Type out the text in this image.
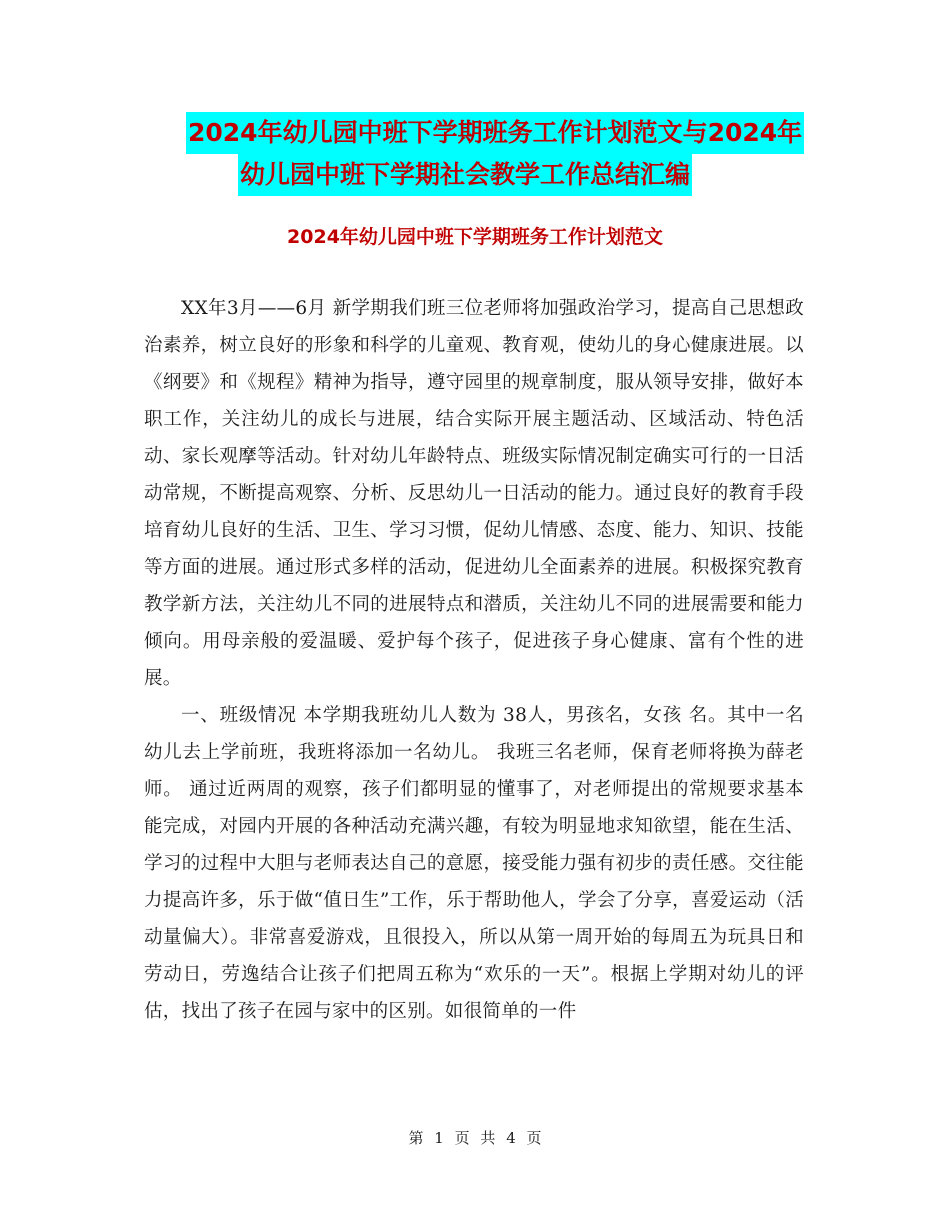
2024年幼儿园中班下学期班务工作计划范文与2024年
幼儿园中班下学期社会教学工作总结汇编
2024年幼儿园中班下学期班务工作计划范文

XX年3月——6月 新学期我们班三位老师将加强政治学习，提高自己思想政治素养，树立良好的形象和科学的儿童观、教育观，使幼儿的身心健康进展。以《纲要》和《规程》精神为指导，遵守园里的规章制度，服从领导安排，做好本职工作，关注幼儿的成长与进展，结合实际开展主题活动、区域活动、特色活动、家长观摩等活动。针对幼儿年龄特点、班级实际情况制定确实可行的一日活动常规，不断提高观察、分析、反思幼儿一日活动的能力。通过良好的教育手段培育幼儿良好的生活、卫生、学习习惯，促幼儿情感、态度、能力、知识、技能等方面的进展。通过形式多样的活动，促进幼儿全面素养的进展。积极探究教育教学新方法，关注幼儿不同的进展特点和潜质，关注幼儿不同的进展需要和能力倾向。用母亲般的爱温暖、爱护每个孩子，促进孩子身心健康、富有个性的进展。

一、班级情况 本学期我班幼儿人数为 38人，男孩名，女孩 名。其中一名幼儿去上学前班，我班将添加一名幼儿。 我班三名老师，保育老师将换为薛老师。 通过近两周的观察，孩子们都明显的懂事了，对老师提出的常规要求基本能完成，对园内开展的各种活动充满兴趣，有较为明显地求知欲望，能在生活、学习的过程中大胆与老师表达自己的意愿，接受能力强有初步的责任感。交往能力提高许多，乐于做“值日生”工作，乐于帮助他人，学会了分享，喜爱运动（活动量偏大）。非常喜爱游戏，且很投入，所以从第一周开始的每周五为玩具日和劳动日，劳逸结合让孩子们把周五称为“欢乐的一天”。根据上学期对幼儿的评估，找出了孩子在园与家中的区别。如很简单的一件

第 1 页 共 4 页
